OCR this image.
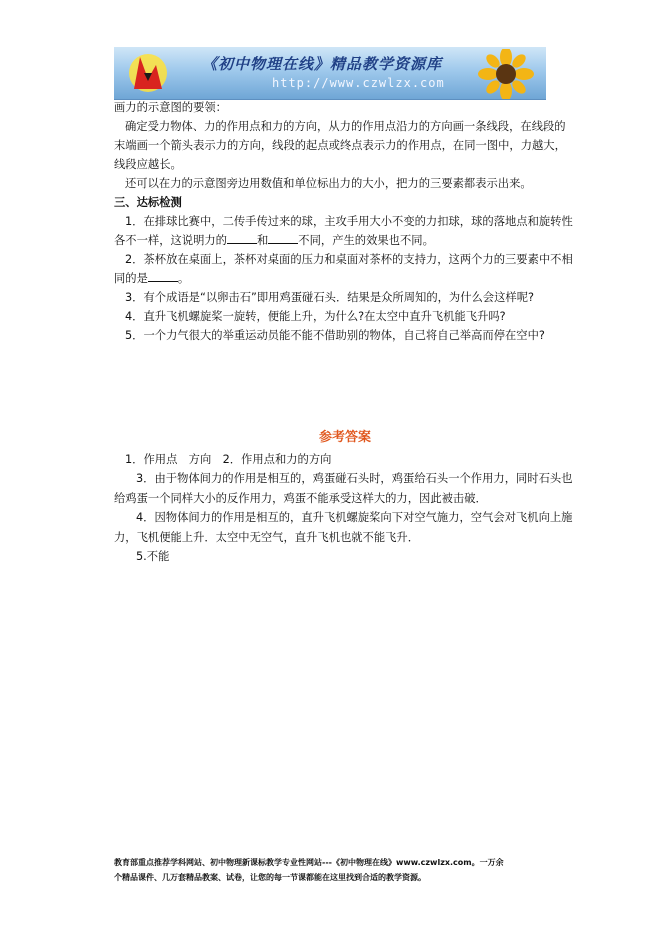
《初中物理在线》精品教学资源库
http://www.czwlzx.com

画力的示意图的要领：

确定受力物体、力的作用点和力的方向，从力的作用点沿力的方向画一条线段，在线段的末端画一个箭头表示力的方向，线段的起点或终点表示力的作用点，在同一图中，力越大，线段应越长。

还可以在力的示意图旁边用数值和单位标出力的大小，把力的三要素都表示出来。

三、达标检测

1．在排球比赛中，二传手传过来的球，主攻手用大小不变的力扣球，球的落地点和旋转性各不一样，这说明力的	和	不同，产生的效果也不同。

2．茶杯放在桌面上，茶杯对桌面的压力和桌面对茶杯的支持力，这两个力的三要素中不相同的是	。

3．有个成语是“以卵击石”即用鸡蛋碰石头．结果是众所周知的，为什么会这样呢?

4．直升飞机螺旋桨一旋转，便能上升，为什么?在太空中直升飞机能飞升吗?

5．一个力气很大的举重运动员能不能不借助别的物体，自己将自己举高而停在空中?

参考答案

1．作用点　方向　2．作用点和力的方向

3．由于物体间力的作用是相互的，鸡蛋碰石头时，鸡蛋给石头一个作用力，同时石头也给鸡蛋一个同样大小的反作用力，鸡蛋不能承受这样大的力，因此被击破．

4．因物体间力的作用是相互的，直升飞机螺旋桨向下对空气施力，空气会对飞机向上施力，飞机便能上升．太空中无空气，直升飞机也就不能飞升．

5.不能

教育部重点推荐学科网站、初中物理新课标教学专业性网站---《初中物理在线》www.czwlzx.com。一万余
个精品课件、几万套精品教案、试卷，让您的每一节课都能在这里找到合适的教学资源。
